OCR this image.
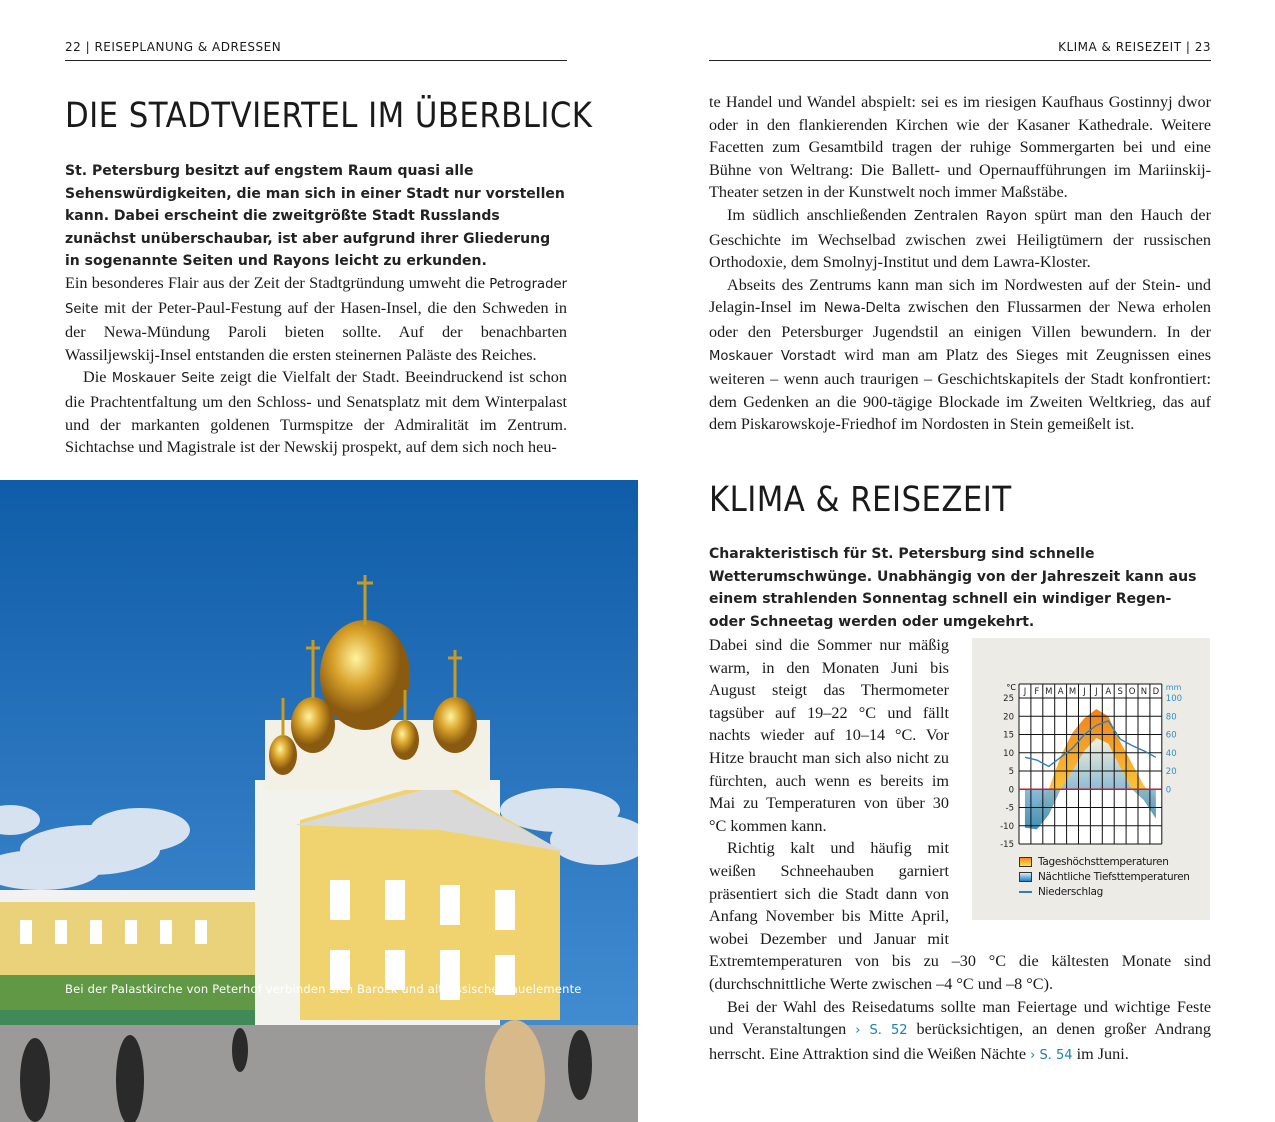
22 | REISEPLANUNG & ADRESSEN	KLIMA & REISEZEIT | 23
DIE STADTVIERTEL IM ÜBERBLICK
St. Petersburg besitzt auf engstem Raum quasi alle Sehenswürdigkeiten, die man sich in einer Stadt nur vorstellen kann. Dabei erscheint die zweitgrößte Stadt Russlands zunächst unüberschaubar, ist aber aufgrund ihrer Gliederung in sogenannte Seiten und Rayons leicht zu erkunden.

Ein besonderes Flair aus der Zeit der Stadtgründung umweht die Petrograder Seite mit der Peter-Paul-Festung auf der Hasen-Insel, die den Schweden in der Newa-Mündung Paroli bieten sollte. Auf der benachbarten Wassiljewskij-Insel entstanden die ersten steinernen Paläste des Reiches.

Die Moskauer Seite zeigt die Vielfalt der Stadt. Beeindruckend ist schon die Prachtentfaltung um den Schloss- und Senatsplatz mit dem Winterpalast und der markanten goldenen Turmspitze der Admiralität im Zentrum. Sichtachse und Magistrale ist der Newskij prospekt, auf dem sich noch heu-

Bei der Palastkirche von Peterhof verbinden sich Barock und altrussische Bauelemente

te Handel und Wandel abspielt: sei es im riesigen Kaufhaus Gostinnyj dwor oder in den flankierenden Kirchen wie der Kasaner Kathedrale. Weitere Facetten zum Gesamtbild tragen der ruhige Sommergarten bei und eine Bühne von Weltrang: Die Ballett- und Opernaufführungen im Mariinskij-Theater setzen in der Kunstwelt noch immer Maßstäbe.

Im südlich anschließenden Zentralen Rayon spürt man den Hauch der Geschichte im Wechselbad zwischen zwei Heiligtümern der russischen Orthodoxie, dem Smolnyj-Institut und dem Lawra-Kloster.

Abseits des Zentrums kann man sich im Nordwesten auf der Stein- und Jelagin-Insel im Newa-Delta zwischen den Flussarmen der Newa erholen oder den Petersburger Jugendstil an einigen Villen bewundern. In der Moskauer Vorstadt wird man am Platz des Sieges mit Zeugnissen eines weiteren – wenn auch traurigen – Geschichtskapitels der Stadt konfrontiert: dem Gedenken an die 900-tägige Blockade im Zweiten Weltkrieg, das auf dem Piskarowskoje-Friedhof im Nordosten in Stein gemeißelt ist.

KLIMA & REISEZEIT
Charakteristisch für St. Petersburg sind schnelle Wetterumschwünge. Unabhängig von der Jahreszeit kann aus einem strahlenden Sonnentag schnell ein windiger Regen- oder Schneetag werden oder umgekehrt.

Dabei sind die Sommer nur mäßig warm, in den Monaten Juni bis August steigt das Thermometer tagsüber auf 19–22 °C und fällt nachts wieder auf 10–14 °C. Vor Hitze braucht man sich also nicht zu fürchten, auch wenn es bereits im Mai zu Temperaturen von über 30 °C kommen kann.

Richtig kalt und häufig mit weißen Schneehauben garniert präsentiert sich die Stadt dann von Anfang November bis Mitte April, wobei Dezember und Januar mit Extremtemperaturen von bis zu –30 °C die kältesten Monate sind (durchschnittliche Werte zwischen –4 °C und –8 °C).

Bei der Wahl des Reisedatums sollte man Feiertage und wichtige Feste und Veranstaltungen › S. 52 berücksichtigen, an denen großer Andrang herrscht. Eine Attraktion sind die Weißen Nächte › S. 54 im Juni.

25
20
15
10
5
0
-5
-10
-15
100
80
60
40
20
0
J F M A M J J A S O N D
°C	mm
Tageshöchsttemperaturen
Nächtliche Tiefsttemperaturen
Niederschlag
